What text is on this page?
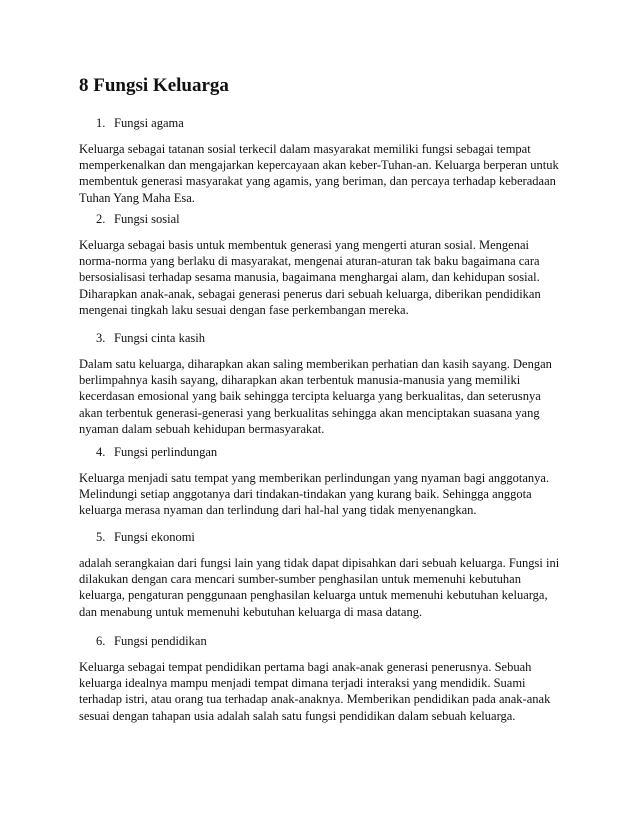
8 Fungsi Keluarga

1. Fungsi agama

Keluarga sebagai tatanan sosial terkecil dalam masyarakat memiliki fungsi sebagai tempat
memperkenalkan dan mengajarkan kepercayaan akan keber-Tuhan-an. Keluarga berperan untuk
membentuk generasi masyarakat yang agamis, yang beriman, dan percaya terhadap keberadaan
Tuhan Yang Maha Esa.

2. Fungsi sosial

Keluarga sebagai basis untuk membentuk generasi yang mengerti aturan sosial. Mengenai
norma-norma yang berlaku di masyarakat, mengenai aturan-aturan tak baku bagaimana cara
bersosialisasi terhadap sesama manusia, bagaimana menghargai alam, dan kehidupan sosial.
Diharapkan anak-anak, sebagai generasi penerus dari sebuah keluarga, diberikan pendidikan
mengenai tingkah laku sesuai dengan fase perkembangan mereka.

3. Fungsi cinta kasih

Dalam satu keluarga, diharapkan akan saling memberikan perhatian dan kasih sayang. Dengan
berlimpahnya kasih sayang, diharapkan akan terbentuk manusia-manusia yang memiliki
kecerdasan emosional yang baik sehingga tercipta keluarga yang berkualitas, dan seterusnya
akan terbentuk generasi-generasi yang berkualitas sehingga akan menciptakan suasana yang
nyaman dalam sebuah kehidupan bermasyarakat.

4. Fungsi perlindungan

Keluarga menjadi satu tempat yang memberikan perlindungan yang nyaman bagi anggotanya.
Melindungi setiap anggotanya dari tindakan-tindakan yang kurang baik. Sehingga anggota
keluarga merasa nyaman dan terlindung dari hal-hal yang tidak menyenangkan.

5. Fungsi ekonomi

adalah serangkaian dari fungsi lain yang tidak dapat dipisahkan dari sebuah keluarga. Fungsi ini
dilakukan dengan cara mencari sumber-sumber penghasilan untuk memenuhi kebutuhan
keluarga, pengaturan penggunaan penghasilan keluarga untuk memenuhi kebutuhan keluarga,
dan menabung untuk memenuhi kebutuhan keluarga di masa datang.

6. Fungsi pendidikan

Keluarga sebagai tempat pendidikan pertama bagi anak-anak generasi penerusnya. Sebuah
keluarga idealnya mampu menjadi tempat dimana terjadi interaksi yang mendidik. Suami
terhadap istri, atau orang tua terhadap anak-anaknya. Memberikan pendidikan pada anak-anak
sesuai dengan tahapan usia adalah salah satu fungsi pendidikan dalam sebuah keluarga.
